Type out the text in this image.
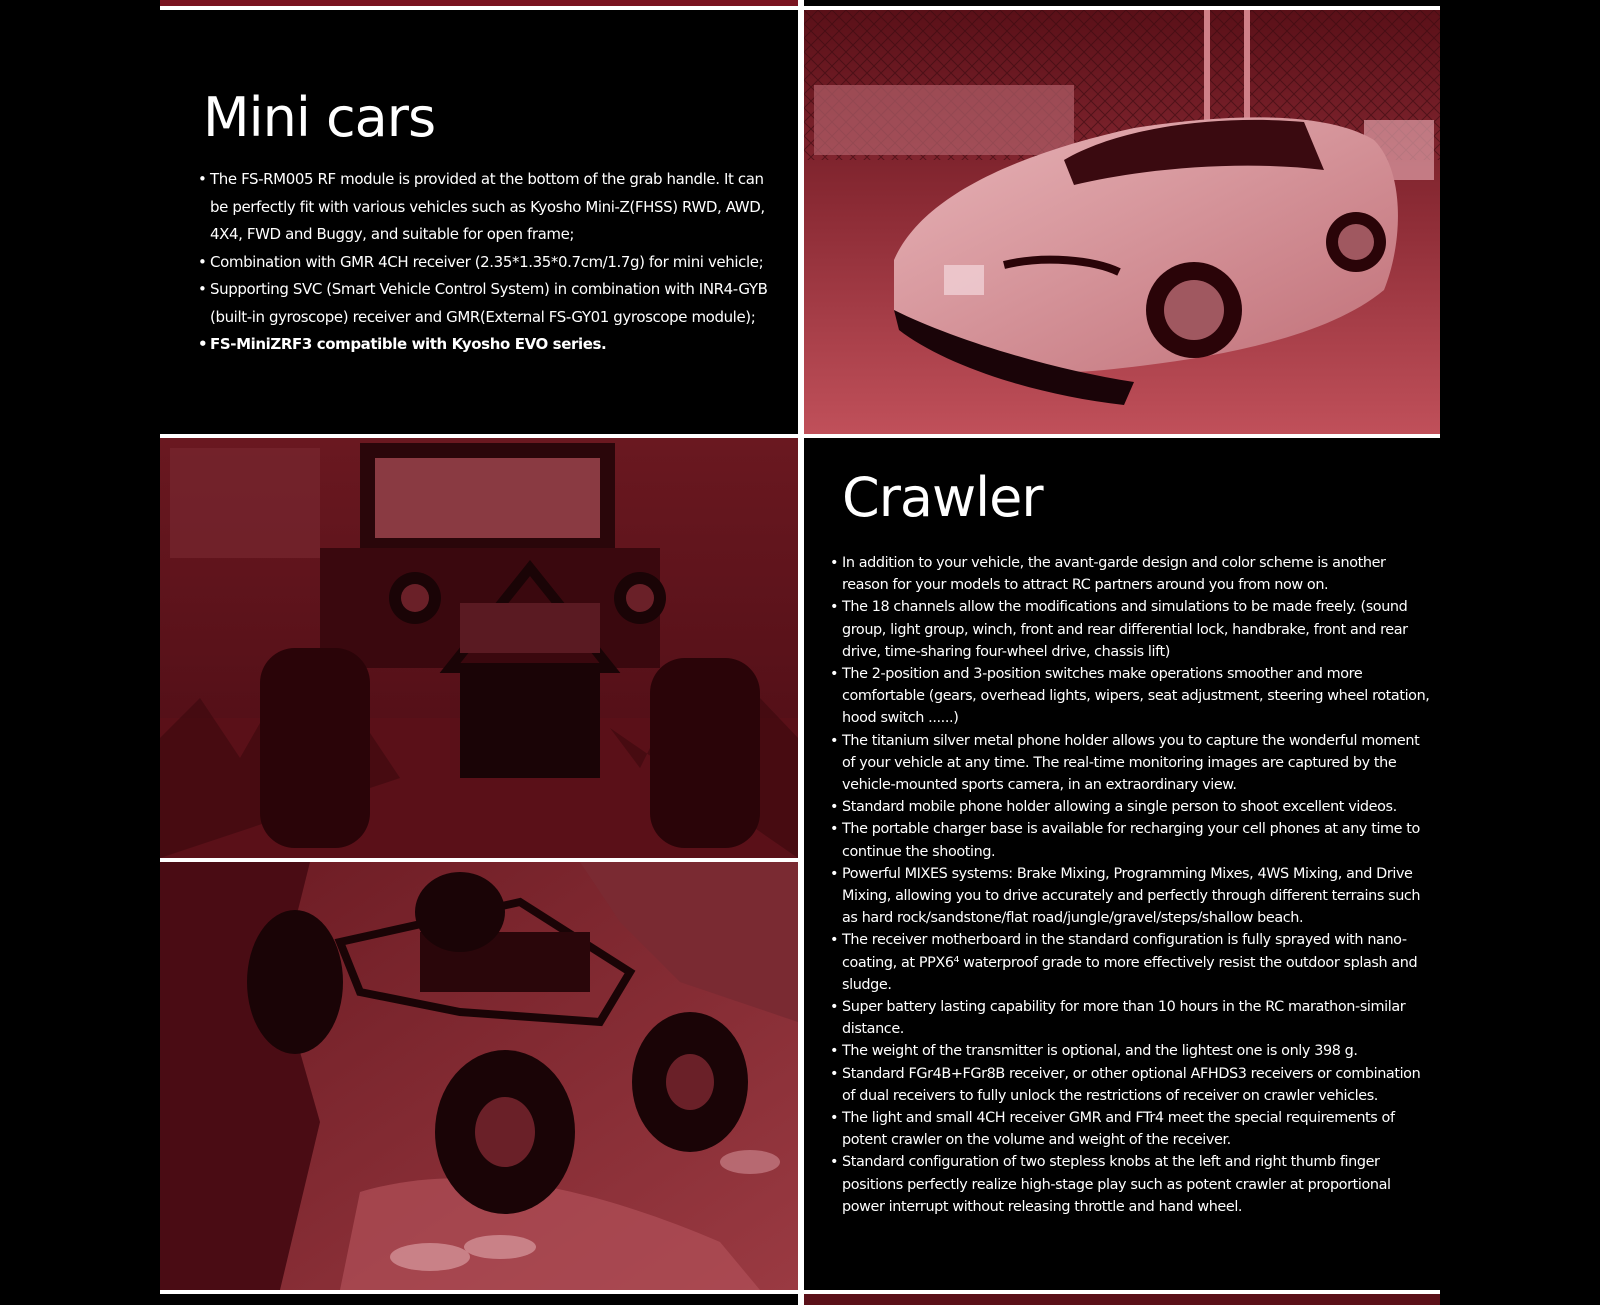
Mini cars
• The FS-RM005 RF module is provided at the bottom of the grab handle. It can be perfectly fit with various vehicles such as Kyosho Mini-Z(FHSS) RWD, AWD, 4X4, FWD and Buggy, and suitable for open frame;
• Combination with GMR 4CH receiver (2.35*1.35*0.7cm/1.7g) for mini vehicle;
• Supporting SVC (Smart Vehicle Control System) in combination with INR4-GYB (built-in gyroscope) receiver and GMR(External FS-GY01 gyroscope module);
• FS-MiniZRF3 compatible with Kyosho EVO series.
Crawler
• In addition to your vehicle, the avant-garde design and color scheme is another reason for your models to attract RC partners around you from now on.
• The 18 channels allow the modifications and simulations to be made freely. (sound group, light group, winch, front and rear differential lock, handbrake, front and rear drive, time-sharing four-wheel drive, chassis lift)
• The 2-position and 3-position switches make operations smoother and more comfortable (gears, overhead lights, wipers, seat adjustment, steering wheel rotation, hood switch ......)
• The titanium silver metal phone holder allows you to capture the wonderful moment of your vehicle at any time. The real-time monitoring images are captured by the vehicle-mounted sports camera, in an extraordinary view.
• Standard mobile phone holder allowing a single person to shoot excellent videos.
• The portable charger base is available for recharging your cell phones at any time to continue the shooting.
• Powerful MIXES systems: Brake Mixing, Programming Mixes, 4WS Mixing, and Drive Mixing, allowing you to drive accurately and perfectly through different terrains such as hard rock/sandstone/flat road/jungle/gravel/steps/shallow beach.
• The receiver motherboard in the standard configuration is fully sprayed with nano-coating, at PPX6⁴ waterproof grade to more effectively resist the outdoor splash and sludge.
• Super battery lasting capability for more than 10 hours in the RC marathon-similar distance.
• The weight of the transmitter is optional, and the lightest one is only 398 g.
• Standard FGr4B+FGr8B receiver, or other optional AFHDS3 receivers or combination of dual receivers to fully unlock the restrictions of receiver on crawler vehicles.
• The light and small 4CH receiver GMR and FTr4 meet the special requirements of potent crawler on the volume and weight of the receiver.
• Standard configuration of two stepless knobs at the left and right thumb finger positions perfectly realize high-stage play such as potent crawler at proportional power interrupt without releasing throttle and hand wheel.
